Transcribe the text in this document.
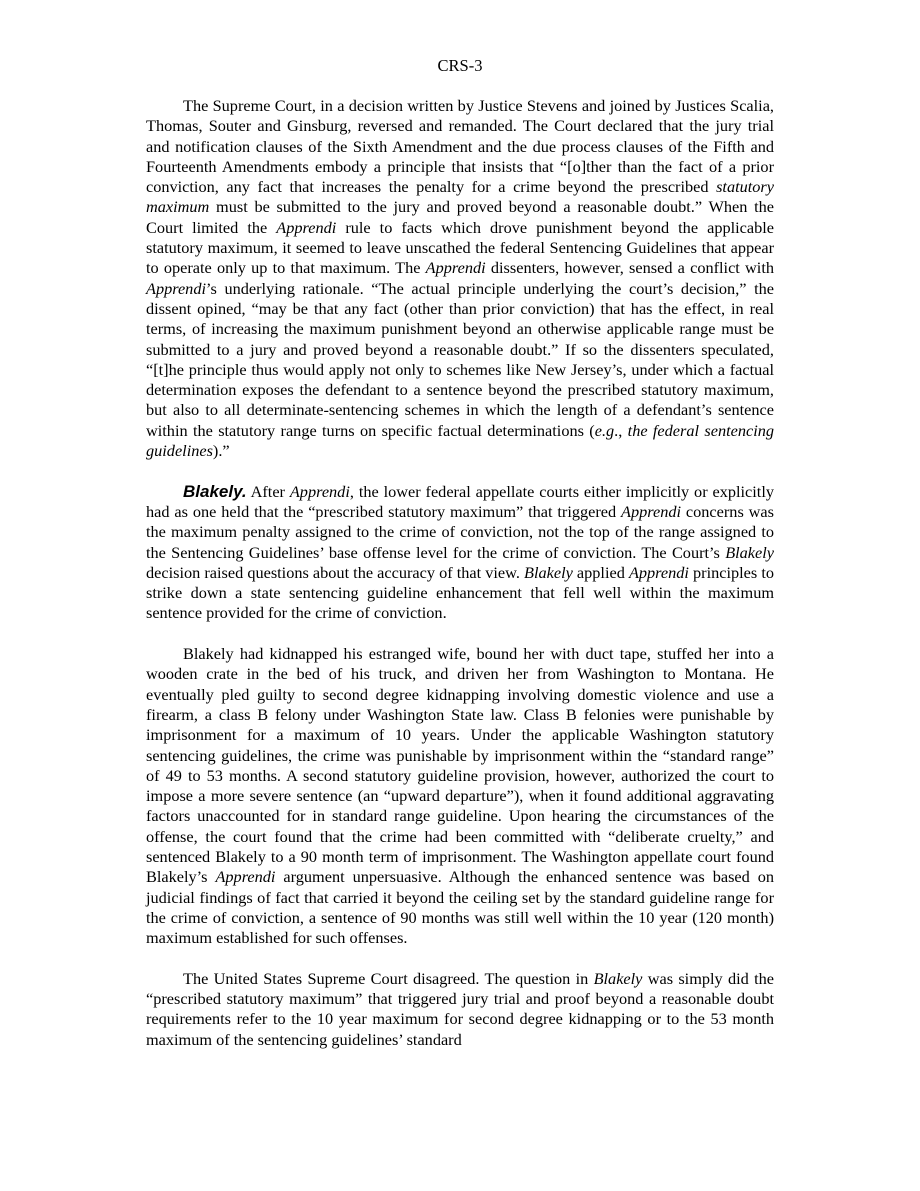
CRS-3

The Supreme Court, in a decision written by Justice Stevens and joined by Justices Scalia, Thomas, Souter and Ginsburg, reversed and remanded. The Court declared that the jury trial and notification clauses of the Sixth Amendment and the due process clauses of the Fifth and Fourteenth Amendments embody a principle that insists that “[o]ther than the fact of a prior conviction, any fact that increases the penalty for a crime beyond the prescribed statutory maximum must be submitted to the jury and proved beyond a reasonable doubt.” When the Court limited the Apprendi rule to facts which drove punishment beyond the applicable statutory maximum, it seemed to leave unscathed the federal Sentencing Guidelines that appear to operate only up to that maximum. The Apprendi dissenters, however, sensed a conflict with Apprendi’s underlying rationale. “The actual principle underlying the court’s decision,” the dissent opined, “may be that any fact (other than prior conviction) that has the effect, in real terms, of increasing the maximum punishment beyond an otherwise applicable range must be submitted to a jury and proved beyond a reasonable doubt.” If so the dissenters speculated, “[t]he principle thus would apply not only to schemes like New Jersey’s, under which a factual determination exposes the defendant to a sentence beyond the prescribed statutory maximum, but also to all determinate-sentencing schemes in which the length of a defendant’s sentence within the statutory range turns on specific factual determinations (e.g., the federal sentencing guidelines).”

Blakely. After Apprendi, the lower federal appellate courts either implicitly or explicitly had as one held that the “prescribed statutory maximum” that triggered Apprendi concerns was the maximum penalty assigned to the crime of conviction, not the top of the range assigned to the Sentencing Guidelines’ base offense level for the crime of conviction. The Court’s Blakely decision raised questions about the accuracy of that view. Blakely applied Apprendi principles to strike down a state sentencing guideline enhancement that fell well within the maximum sentence provided for the crime of conviction.

Blakely had kidnapped his estranged wife, bound her with duct tape, stuffed her into a wooden crate in the bed of his truck, and driven her from Washington to Montana. He eventually pled guilty to second degree kidnapping involving domestic violence and use a firearm, a class B felony under Washington State law. Class B felonies were punishable by imprisonment for a maximum of 10 years. Under the applicable Washington statutory sentencing guidelines, the crime was punishable by imprisonment within the “standard range” of 49 to 53 months. A second statutory guideline provision, however, authorized the court to impose a more severe sentence (an “upward departure”), when it found additional aggravating factors unaccounted for in standard range guideline. Upon hearing the circumstances of the offense, the court found that the crime had been committed with “deliberate cruelty,” and sentenced Blakely to a 90 month term of imprisonment. The Washington appellate court found Blakely’s Apprendi argument unpersuasive. Although the enhanced sentence was based on judicial findings of fact that carried it beyond the ceiling set by the standard guideline range for the crime of conviction, a sentence of 90 months was still well within the 10 year (120 month) maximum established for such offenses.

The United States Supreme Court disagreed. The question in Blakely was simply did the “prescribed statutory maximum” that triggered jury trial and proof beyond a reasonable doubt requirements refer to the 10 year maximum for second degree kidnapping or to the 53 month maximum of the sentencing guidelines’ standard
